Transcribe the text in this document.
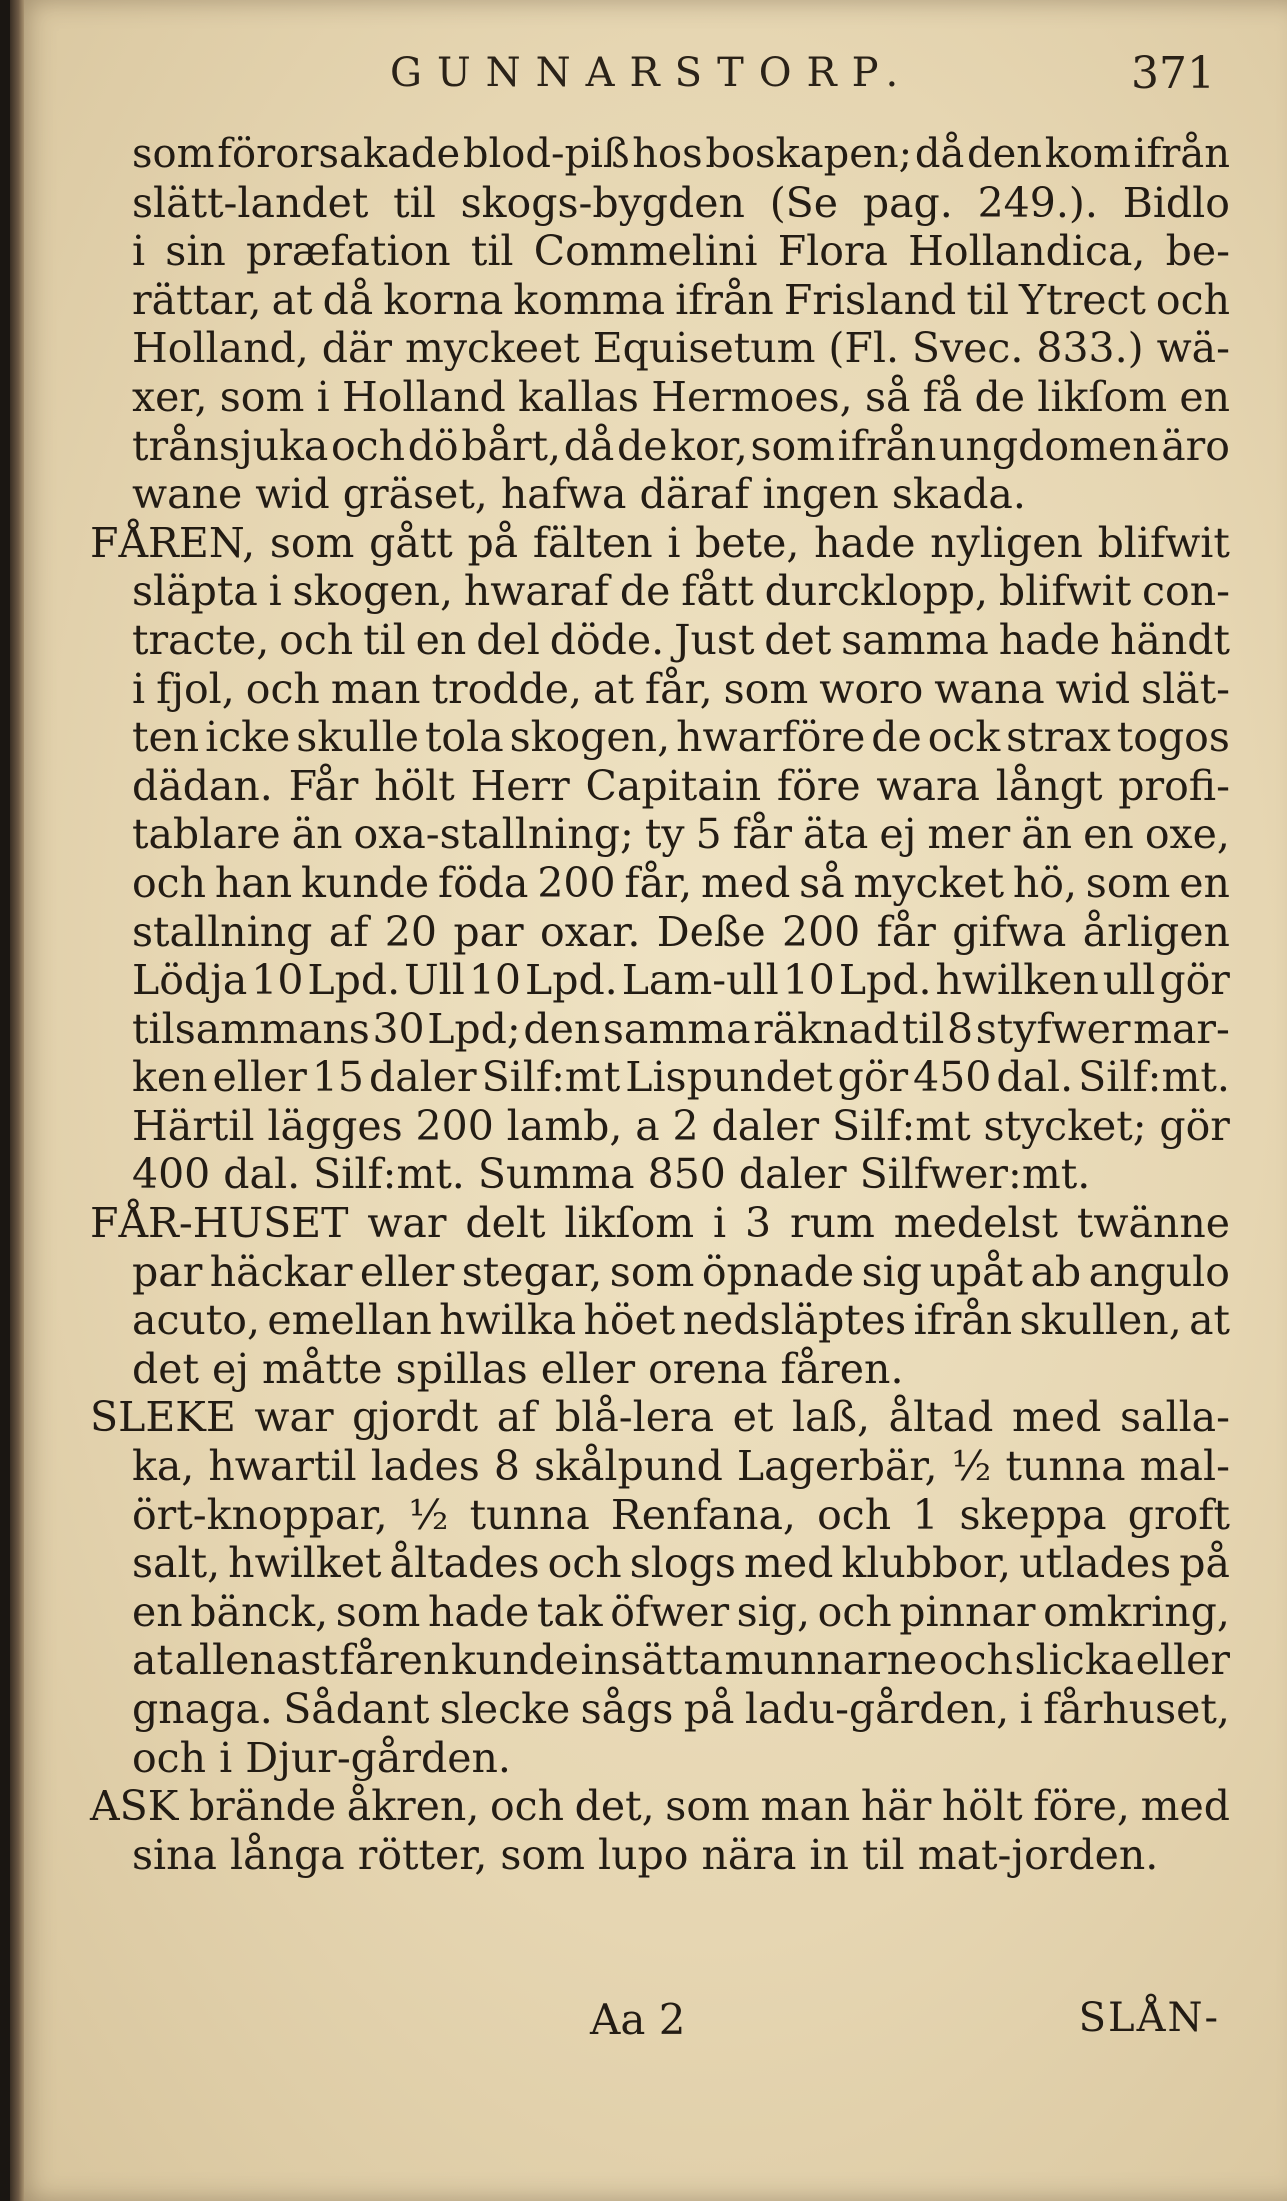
GUNNARSTORP.	371
som förorsakade blod-piß hos boskapen; då den kom ifrån
slätt-landet til skogs-bygden (Se pag. 249.). Bidlo
i sin præfation til Commelini Flora Hollandica, be-
rättar, at då korna komma ifrån Frisland til Ytrect och
Holland, där myckeet Equisetum (Fl. Svec. 833.) wä-
xer, som i Holland kallas Hermoes, så få de likſom en
trånsjuka och dö bårt, då de kor, som ifrån ungdomen äro
wane wid gräset, hafwa däraf ingen skada.
FÅREN, som gått på fälten i bete, hade nyligen blifwit
släpta i skogen, hwaraf de fått durcklopp, blifwit con-
tracte, och til en del döde. Just det samma hade händt
i fjol, och man trodde, at får, som woro wana wid slät-
ten icke skulle tola skogen, hwarföre de ock strax togos
dädan. Får hölt Herr Capitain före wara långt profi-
tablare än oxa-stallning; ty 5 får äta ej mer än en oxe,
och han kunde föda 200 får, med så mycket hö, som en
stallning af 20 par oxar. Deße 200 får gifwa årligen
Lödja 10 Lpd. Ull 10 Lpd. Lam-ull 10 Lpd. hwilken ull gör
tilsammans 30 Lpd; den samma räknad til 8 styfwer mar-
ken eller 15 daler Silf:mt Lispundet gör 450 dal. Silf:mt.
Härtil lägges 200 lamb, a 2 daler Silf:mt stycket; gör
400 dal. Silf:mt. Summa 850 daler Silfwer:mt.
FÅR-HUSET war delt likſom i 3 rum medelst twänne
par häckar eller stegar, som öpnade sig upåt ab angulo
acuto, emellan hwilka höet nedsläptes ifrån skullen, at
det ej måtte spillas eller orena fåren.
SLEKE war gjordt af blå-lera et laß, åltad med salla-
ka, hwartil lades 8 skålpund Lagerbär, ½ tunna mal-
ört-knoppar, ½ tunna Renfana, och 1 skeppa groft
salt, hwilket åltades och slogs med klubbor, utlades på
en bänck, som hade tak öfwer sig, och pinnar omkring,
at allenast fåren kunde insätta munnarne och slicka eller
gnaga. Sådant slecke sågs på ladu-gården, i fårhuset,
och i Djur-gården.
ASK brände åkren, och det, som man här hölt före, med
sina långa rötter, som lupo nära in til mat-jorden.
Aa 2	SLÅN-
